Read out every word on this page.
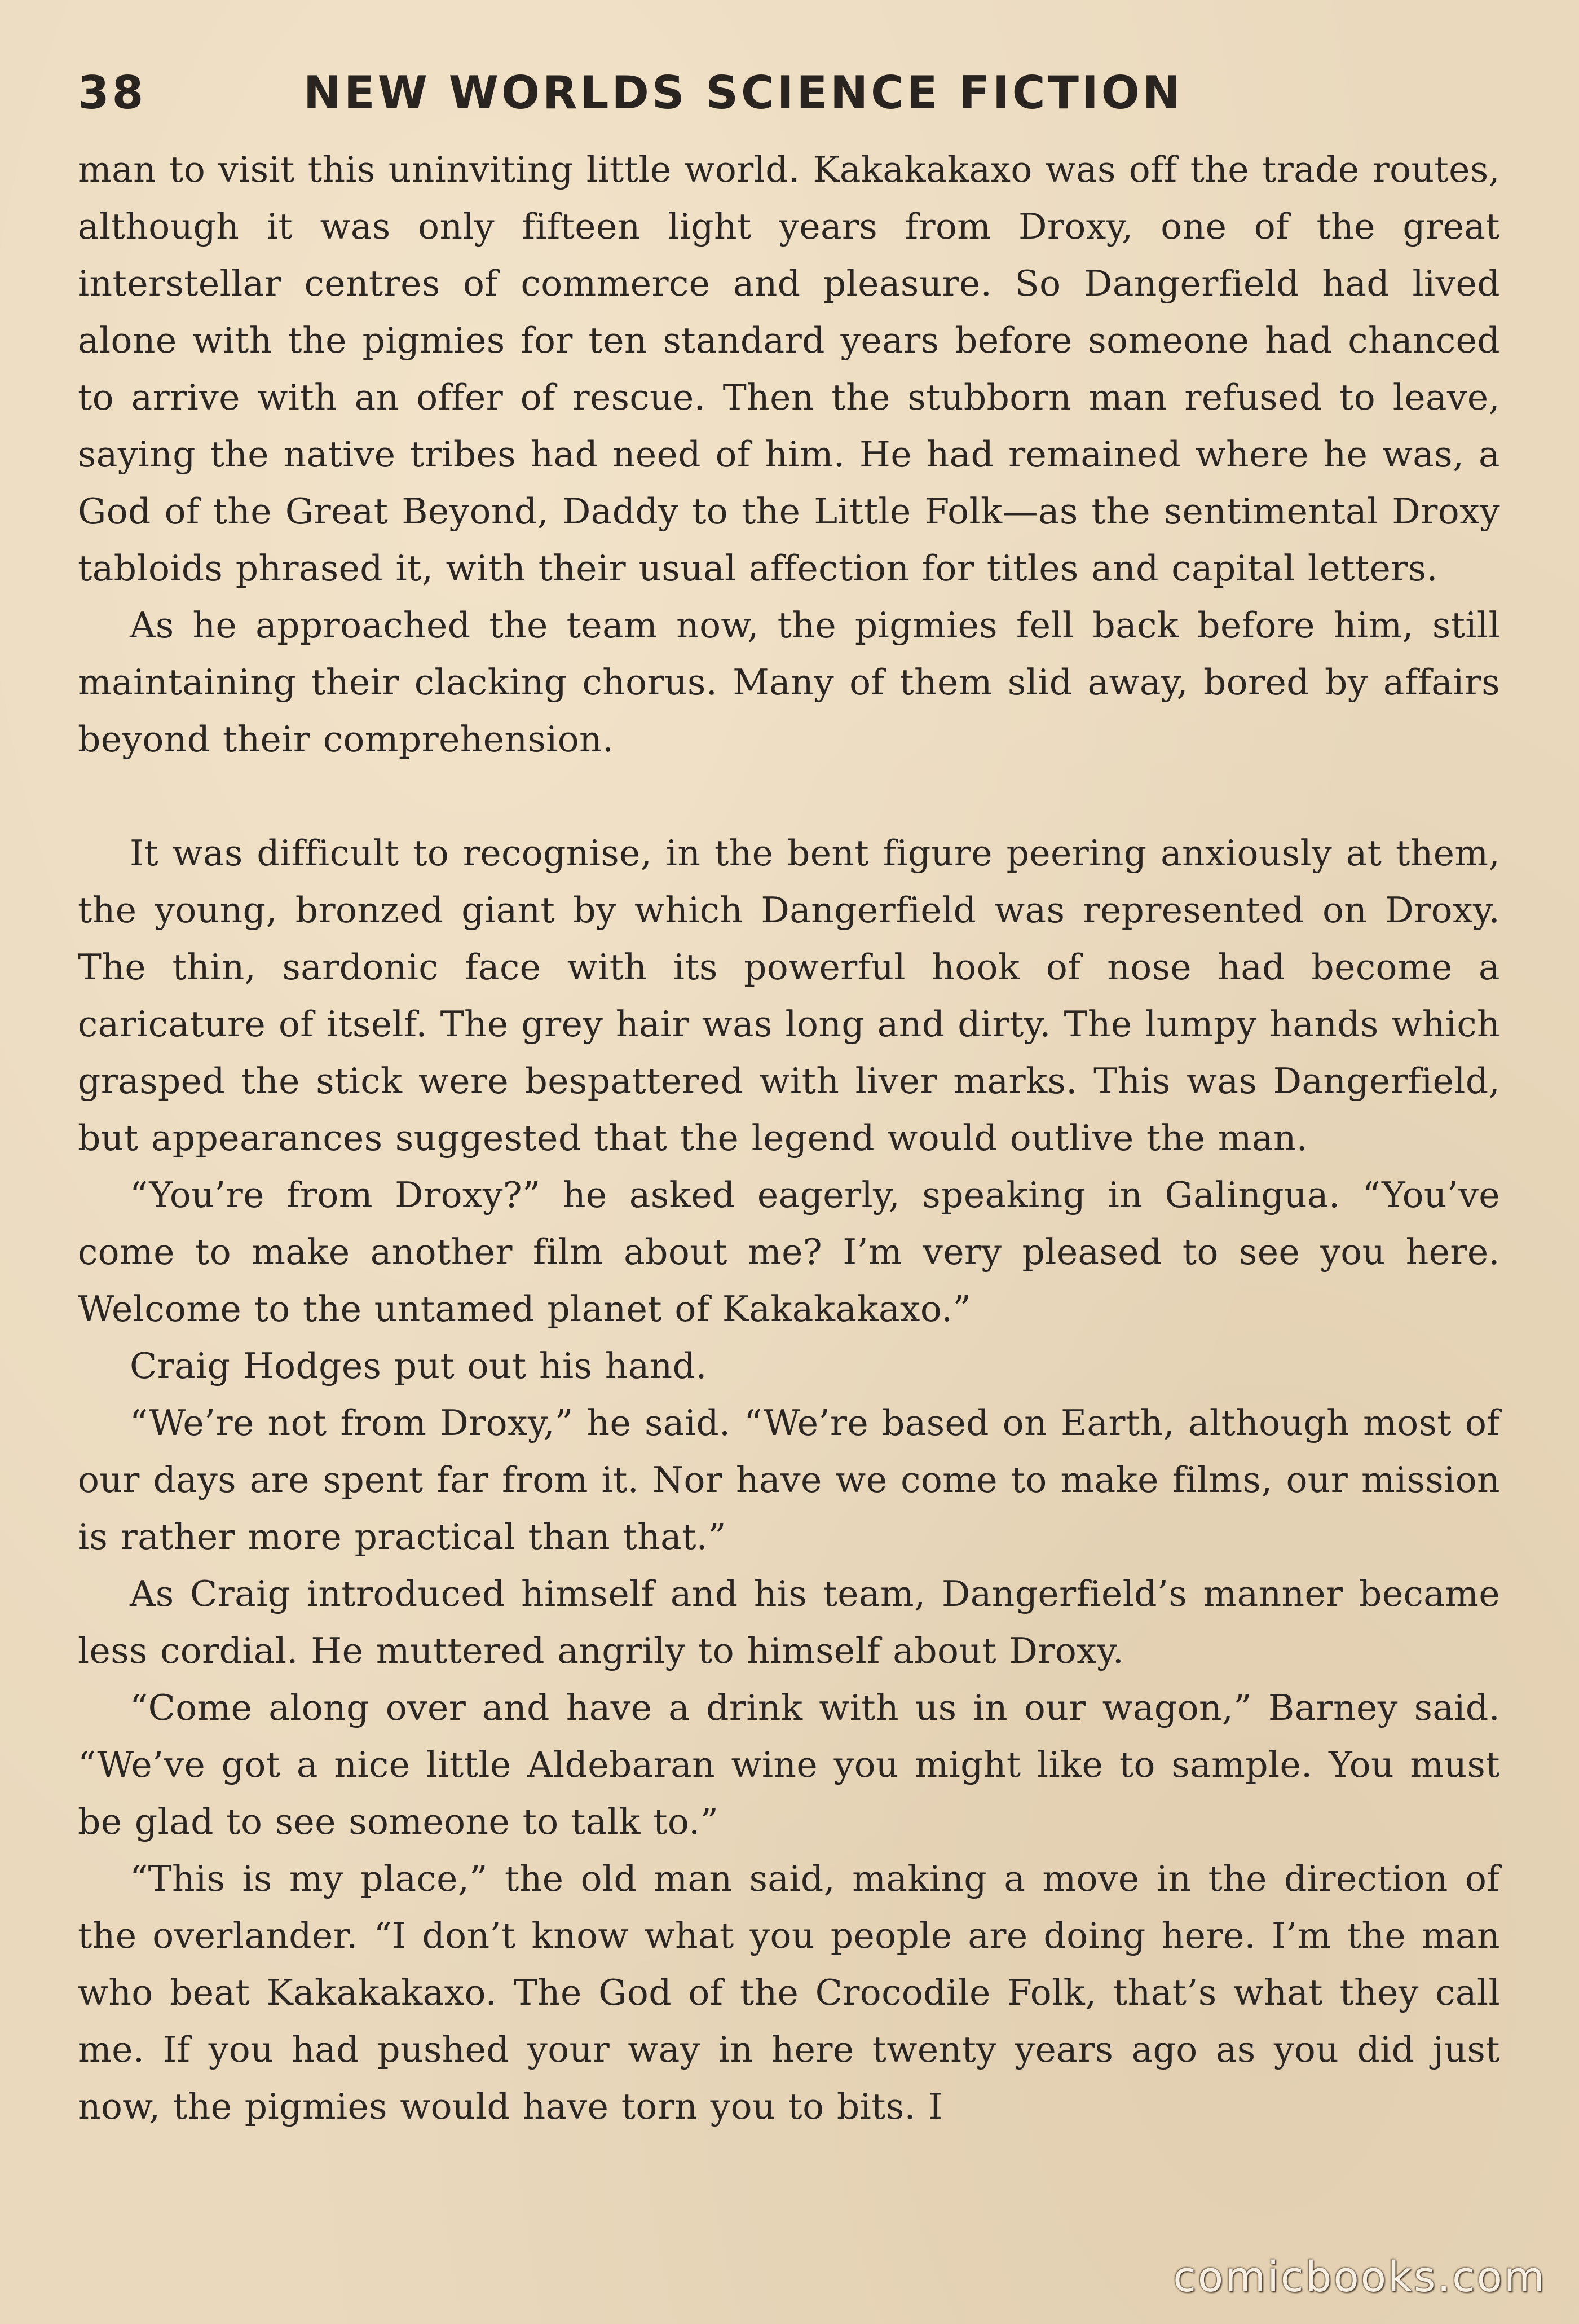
38	NEW WORLDS SCIENCE FICTION

man to visit this uninviting little world. Kakakakaxo was off the trade routes, although it was only fifteen light years from Droxy, one of the great interstellar centres of commerce and pleasure. So Dangerfield had lived alone with the pigmies for ten standard years before someone had chanced to arrive with an offer of rescue. Then the stubborn man refused to leave, saying the native tribes had need of him. He had remained where he was, a God of the Great Beyond, Daddy to the Little Folk—as the sentimental Droxy tabloids phrased it, with their usual affection for titles and capital letters.

As he approached the team now, the pigmies fell back before him, still maintaining their clacking chorus. Many of them slid away, bored by affairs beyond their comprehension.

It was difficult to recognise, in the bent figure peering anxiously at them, the young, bronzed giant by which Dangerfield was represented on Droxy. The thin, sardonic face with its powerful hook of nose had become a caricature of itself. The grey hair was long and dirty. The lumpy hands which grasped the stick were bespattered with liver marks. This was Dangerfield, but appearances suggested that the legend would outlive the man.

“You’re from Droxy?” he asked eagerly, speaking in Galingua. “You’ve come to make another film about me? I’m very pleased to see you here. Welcome to the untamed planet of Kakakakaxo.”

Craig Hodges put out his hand.

“We’re not from Droxy,” he said. “We’re based on Earth, although most of our days are spent far from it. Nor have we come to make films, our mission is rather more practical than that.”

As Craig introduced himself and his team, Dangerfield’s manner became less cordial. He muttered angrily to himself about Droxy.

“Come along over and have a drink with us in our wagon,” Barney said. “We’ve got a nice little Aldebaran wine you might like to sample. You must be glad to see someone to talk to.”

“This is my place,” the old man said, making a move in the direction of the overlander. “I don’t know what you people are doing here. I’m the man who beat Kakakakaxo. The God of the Crocodile Folk, that’s what they call me. If you had pushed your way in here twenty years ago as you did just now, the pigmies would have torn you to bits. I

comicbooks.com
